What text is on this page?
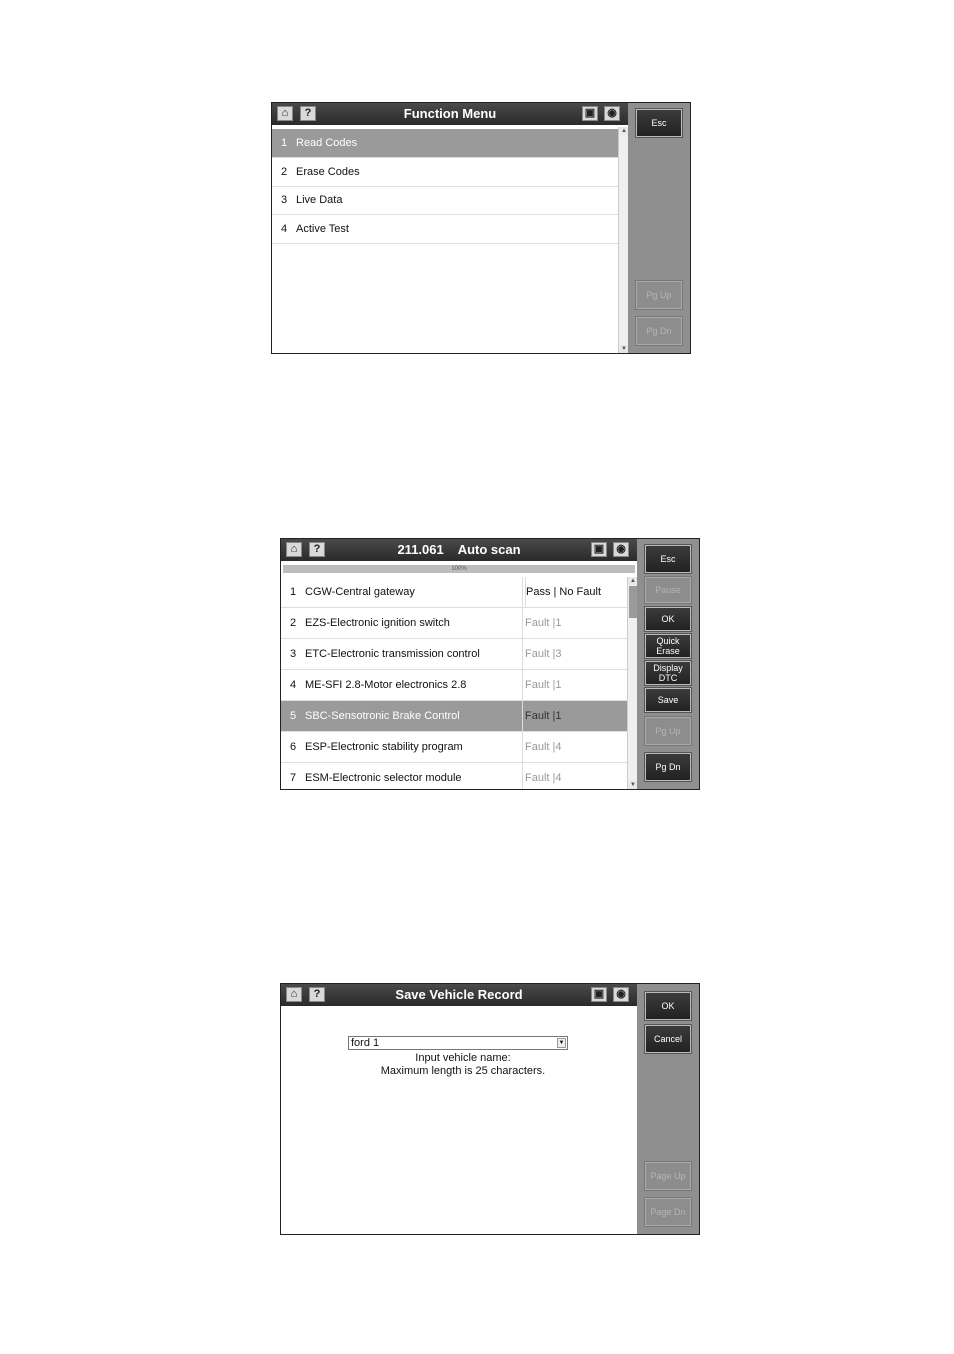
⌂	?	Function Menu	▣ ◉
1 Read Codes
2 Erase Codes
3 Live Data
4 Active Test
▲
▼
Esc
Pg Up
Pg Dn
⌂	?	211.061    Auto scan	▣ ◉
100%
1 CGW-Central gateway	Pass | No Fault
2 EZS-Electronic ignition switch	Fault |1
3 ETC-Electronic transmission control	Fault |3
4 ME-SFI 2.8-Motor electronics 2.8	Fault |1
5 SBC-Sensotronic Brake Control	Fault |1
6 ESP-Electronic stability program	Fault |4
7 ESM-Electronic selector module	Fault |4
▲
▼
Esc
Pause
OK
Quick
Erase
Display
DTC
Save
Pg Up
Pg Dn
⌂	?	Save Vehicle Record	▣ ◉
ford 1	▼
Input vehicle name:
Maximum length is 25 characters.
OK
Cancel
Page Up
Page Dn
